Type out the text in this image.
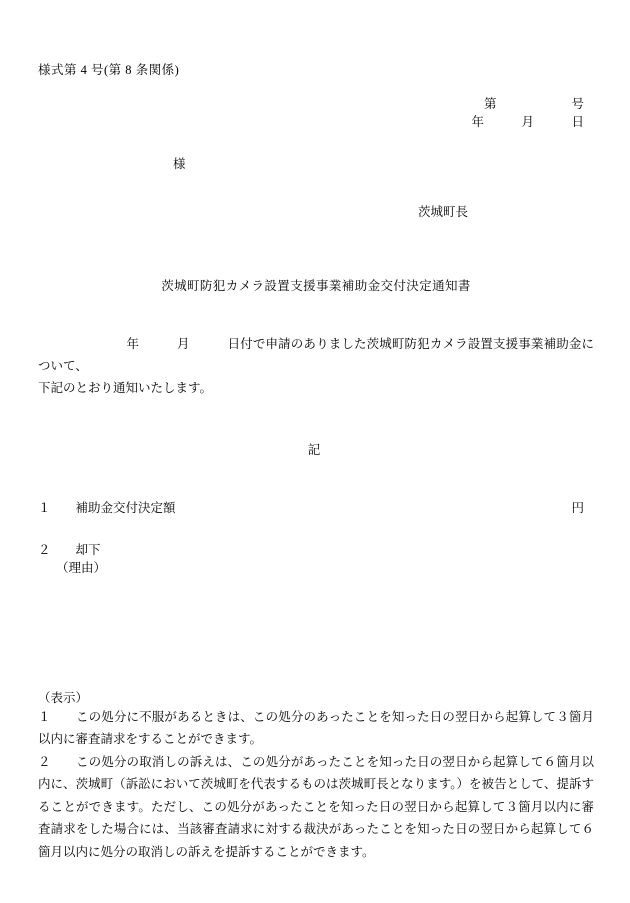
様式第 4 号(第 8 条関係)
第　　　　　　号
年　　　月　　　日
様
茨城町長
茨城町防犯カメラ設置支援事業補助金交付決定通知書
　　　　　　　年　　　月　　　日付で申請のありました茨城町防犯カメラ設置支援事業補助金について、
下記のとおり通知いたします。
記
１　　補助金交付決定額	円
２　　却下
（理由）
（表示）
１　　この処分に不服があるときは、この処分のあったことを知った日の翌日から起算して３箇月以内に審査請求をすることができます。
２　　この処分の取消しの訴えは、この処分があったことを知った日の翌日から起算して６箇月以内に、茨城町（訴訟において茨城町を代表するものは茨城町長となります。）を被告として、提訴することができます。ただし、この処分があったことを知った日の翌日から起算して３箇月以内に審査請求をした場合には、当該審査請求に対する裁決があったことを知った日の翌日から起算して６箇月以内に処分の取消しの訴えを提訴することができます。
